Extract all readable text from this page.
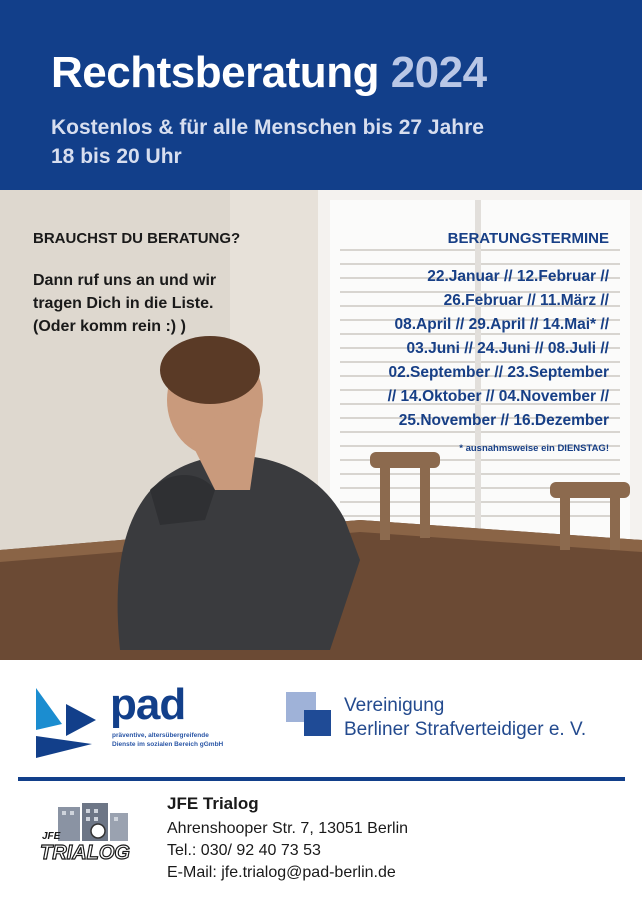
Rechtsberatung 2024
Kostenlos & für alle Menschen bis 27 Jahre
18 bis 20 Uhr
BRAUCHST DU BERATUNG?
Dann ruf uns an und wir
tragen Dich in die Liste.
(Oder komm rein :) )
BERATUNGSTERMINE
22.Januar // 12.Februar //
26.Februar // 11.März //
08.April // 29.April // 14.Mai* //
03.Juni // 24.Juni // 08.Juli //
02.September // 23.September
// 14.Oktober // 04.November //
25.November // 16.Dezember
* ausnahmsweise ein DIENSTAG!
pad
präventive, altersübergreifende
Dienste im sozialen Bereich gGmbH
Vereinigung
Berliner Strafverteidiger e. V.
JFE
TRIALOG
JFE Trialog
Ahrenshooper Str. 7, 13051 Berlin
Tel.: 030/ 92 40 73 53
E-Mail: jfe.trialog@pad-berlin.de
